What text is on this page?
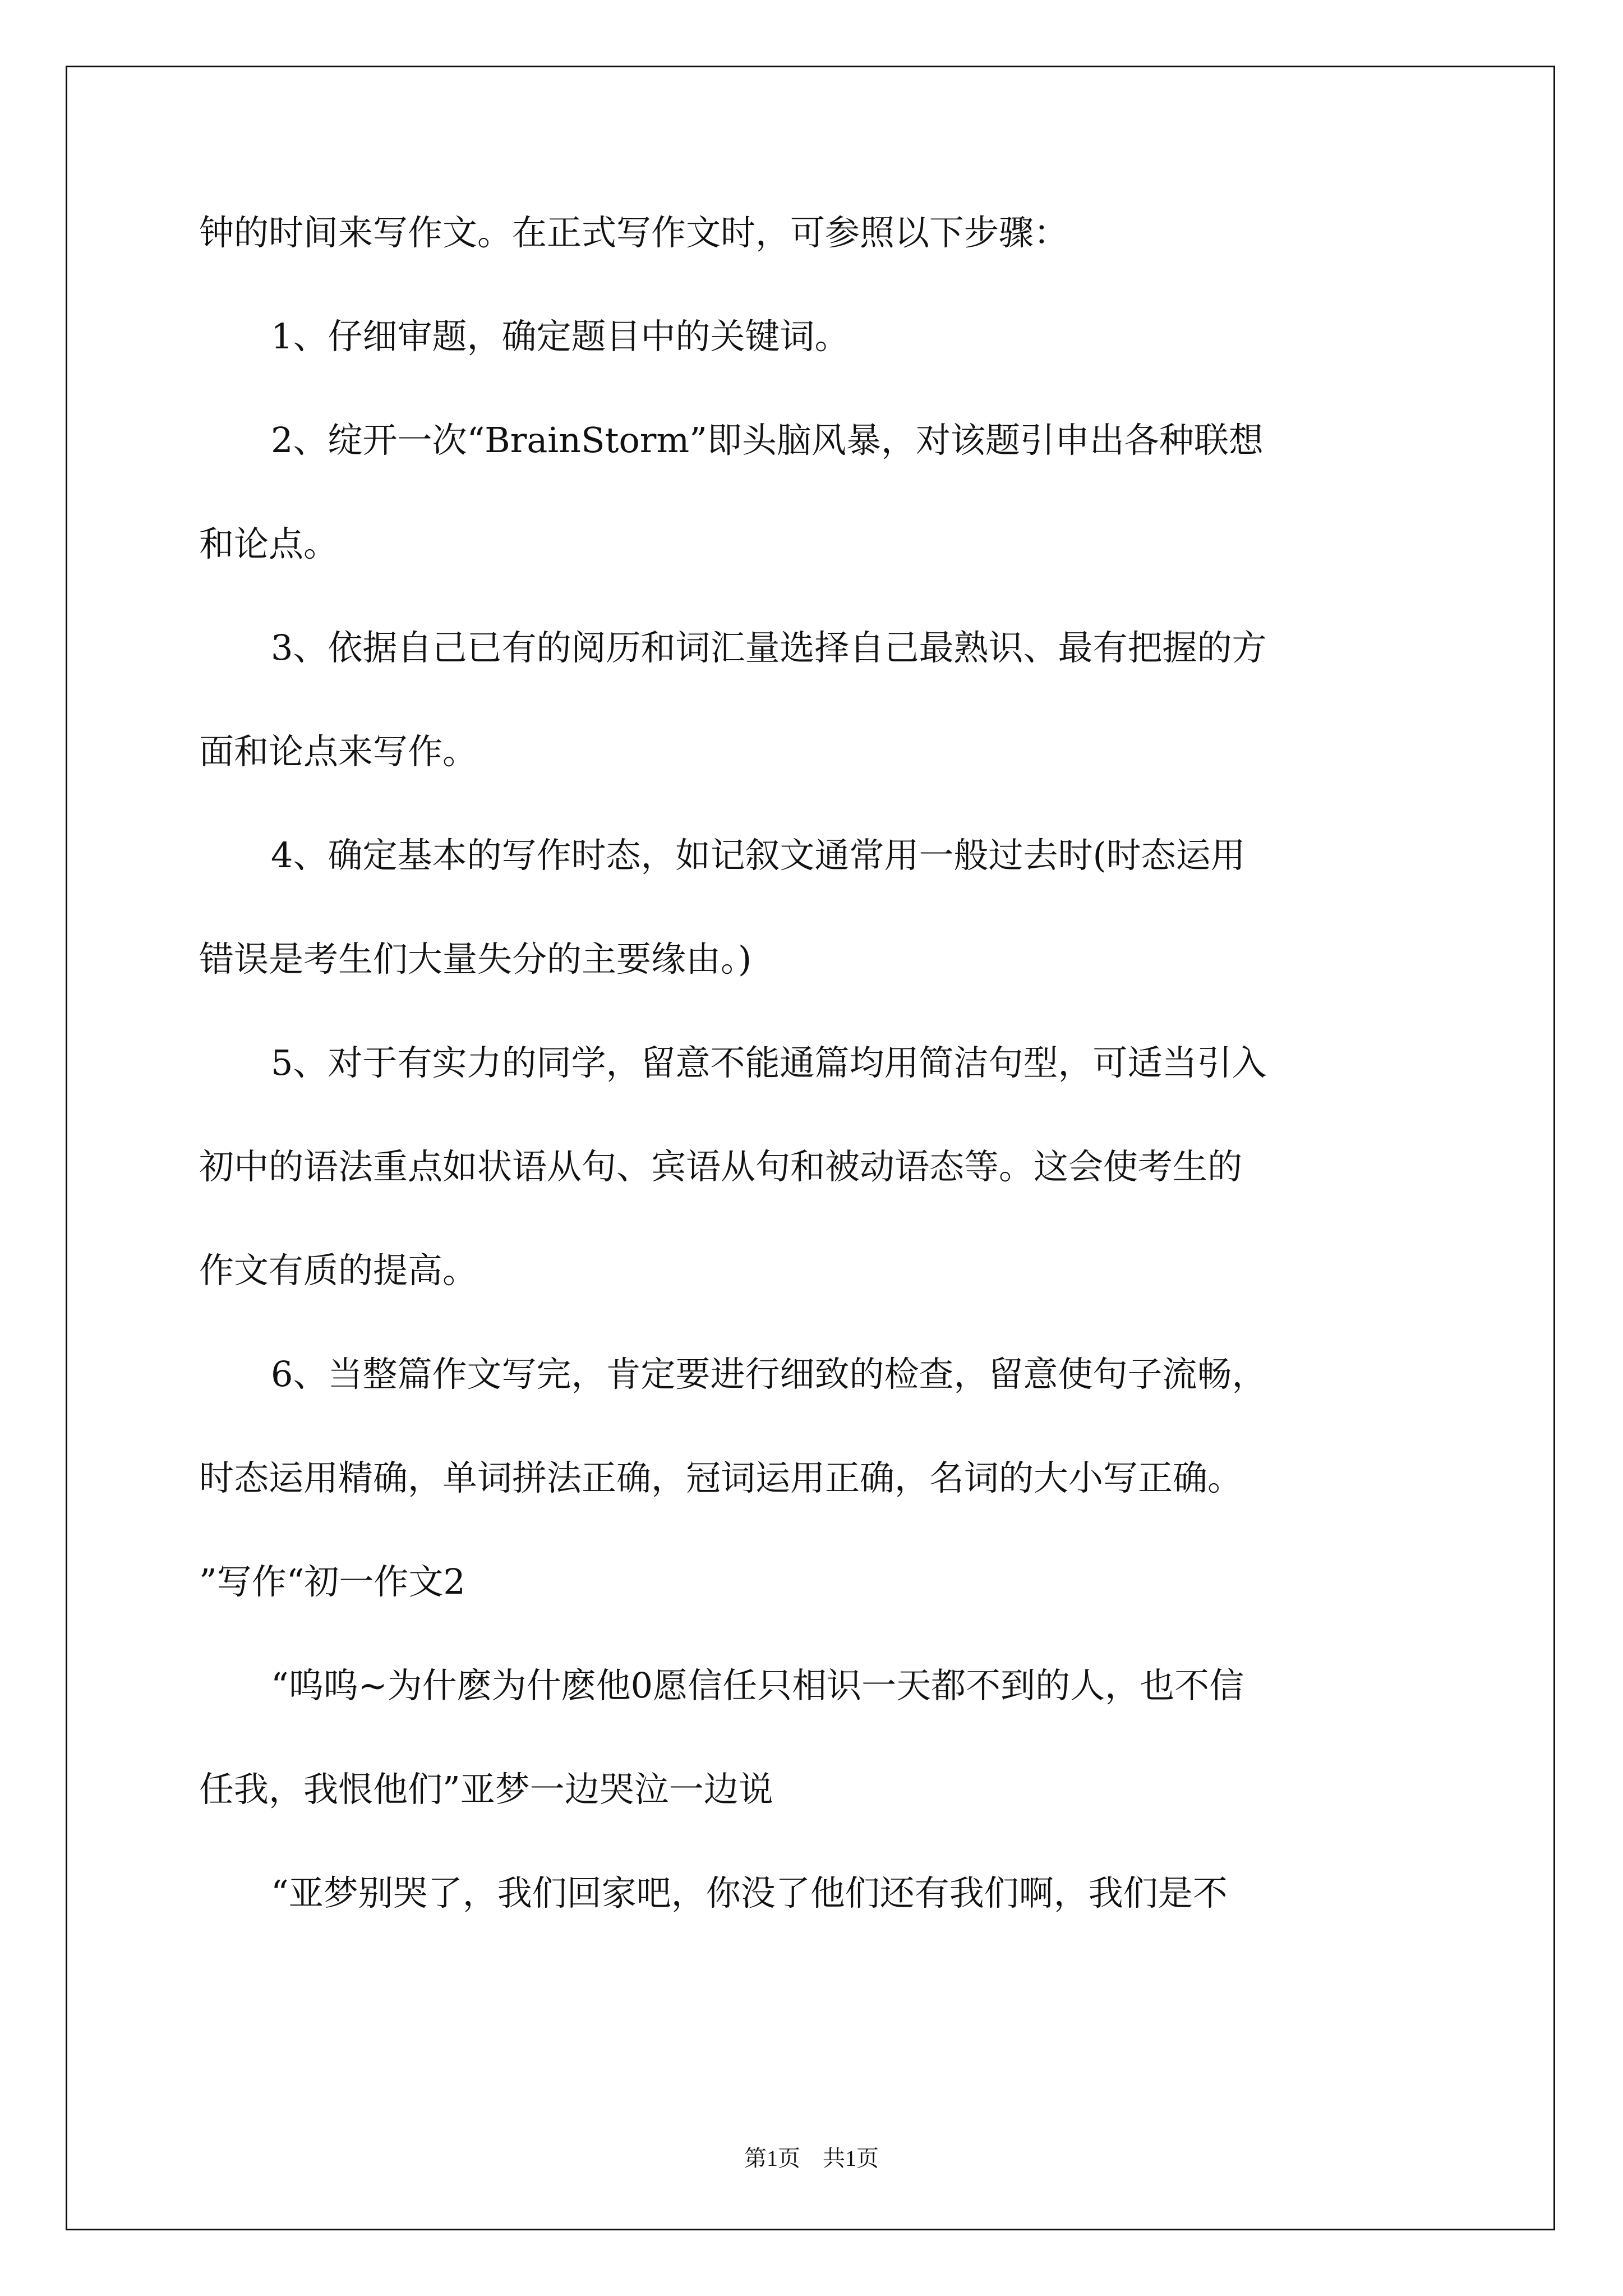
钟的时间来写作文。在正式写作文时，可参照以下步骤：
1、仔细审题，确定题目中的关键词。
2、绽开一次“BrainStorm”即头脑风暴，对该题引申出各种联想
和论点。
3、依据自己已有的阅历和词汇量选择自己最熟识、最有把握的方
面和论点来写作。
4、确定基本的写作时态，如记叙文通常用一般过去时(时态运用
错误是考生们大量失分的主要缘由。)
5、对于有实力的同学，留意不能通篇均用简洁句型，可适当引入
初中的语法重点如状语从句、宾语从句和被动语态等。这会使考生的
作文有质的提高。
6、当整篇作文写完，肯定要进行细致的检查，留意使句子流畅，
时态运用精确，单词拼法正确，冠词运用正确，名词的大小写正确。
”写作“初一作文2
“呜呜~为什麽为什麽他0愿信任只相识一天都不到的人，也不信
任我，我恨他们”亚梦一边哭泣一边说
“亚梦别哭了，我们回家吧，你没了他们还有我们啊，我们是不
第1页　共1页
